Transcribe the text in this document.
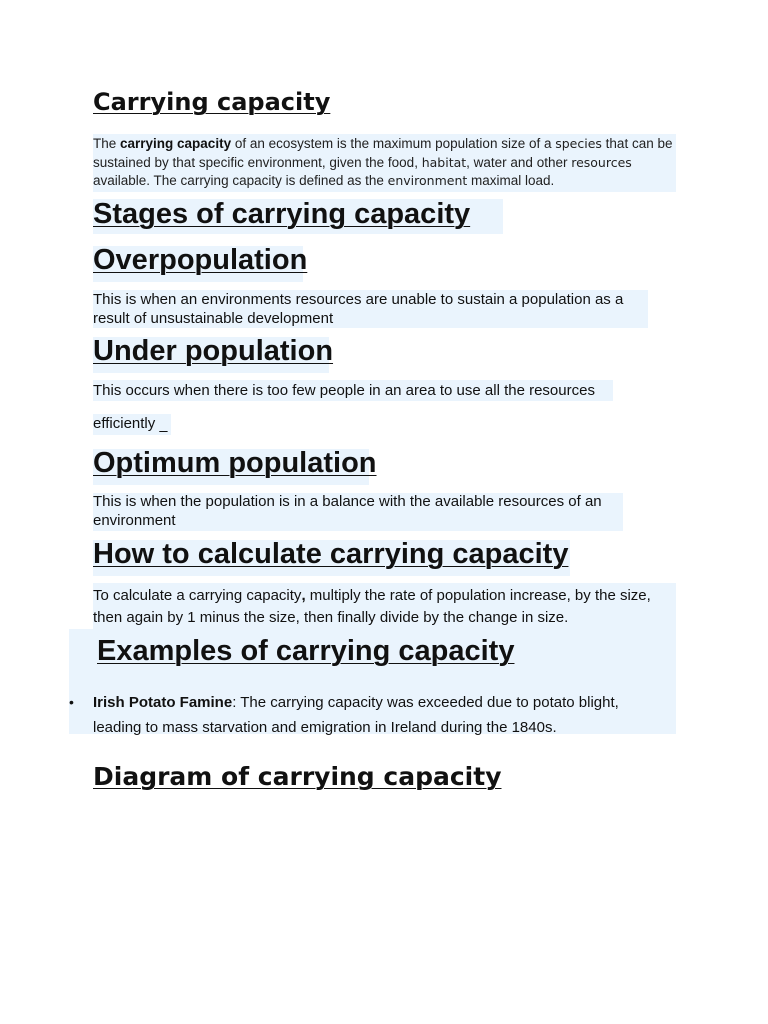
Carrying capacity

The carrying capacity of an ecosystem is the maximum population size of a species that can be sustained by that specific environment, given the food, habitat, water and other resources available. The carrying capacity is defined as the environment maximal load.

Stages of carrying capacity
Overpopulation

This is when an environments resources are unable to sustain a population as a result of unsustainable development

Under population

This occurs when there is too few people in an area to use all the resources

efficiently

Optimum population

This is when the population is in a balance with the available resources of an environment

How to calculate carrying capacity

To calculate a carrying capacity, multiply the rate of population increase, by the size, then again by 1 minus the size, then finally divide by the change in size.

Examples of carrying capacity
• Irish Potato Famine: The carrying capacity was exceeded due to potato blight, leading to mass starvation and emigration in Ireland during the 1840s.
Diagram of carrying capacity
